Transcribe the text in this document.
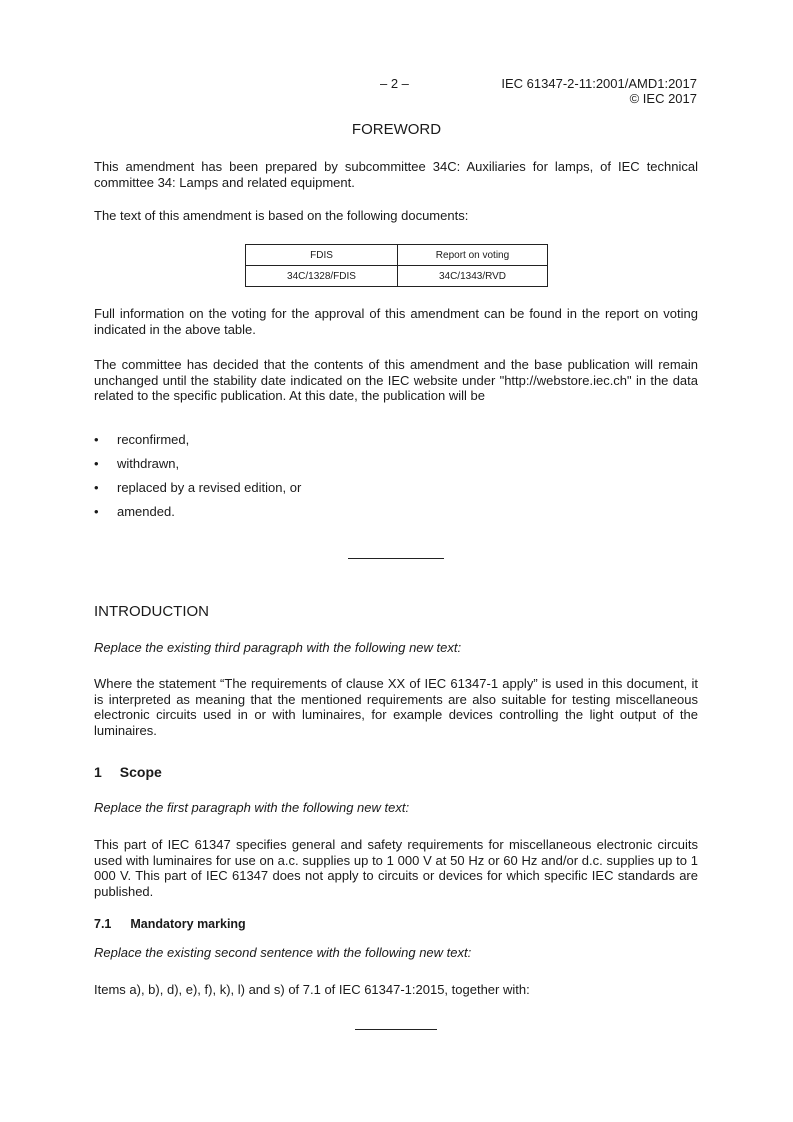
– 2 –	IEC 61347-2-11:2001/AMD1:2017
© IEC 2017
FOREWORD
This amendment has been prepared by subcommittee 34C: Auxiliaries for lamps, of IEC technical committee 34: Lamps and related equipment.
The text of this amendment is based on the following documents:
FDIS	Report on voting
34C/1328/FDIS	34C/1343/RVD
Full information on the voting for the approval of this amendment can be found in the report on voting indicated in the above table.
The committee has decided that the contents of this amendment and the base publication will remain unchanged until the stability date indicated on the IEC website under "http://webstore.iec.ch" in the data related to the specific publication. At this date, the publication will be
• reconfirmed,
• withdrawn,
• replaced by a revised edition, or
• amended.
INTRODUCTION
Replace the existing third paragraph with the following new text:
Where the statement “The requirements of clause XX of IEC 61347-1 apply” is used in this document, it is interpreted as meaning that the mentioned requirements are also suitable for testing miscellaneous electronic circuits used in or with luminaires, for example devices controlling the light output of the luminaires.
1 Scope
Replace the first paragraph with the following new text:
This part of IEC 61347 specifies general and safety requirements for miscellaneous electronic circuits used with luminaires for use on a.c. supplies up to 1 000 V at 50 Hz or 60 Hz and/or d.c. supplies up to 1 000 V. This part of IEC 61347 does not apply to circuits or devices for which specific IEC standards are published.
7.1 Mandatory marking
Replace the existing second sentence with the following new text:
Items a), b), d), e), f), k), l) and s) of 7.1 of IEC 61347-1:2015, together with:
